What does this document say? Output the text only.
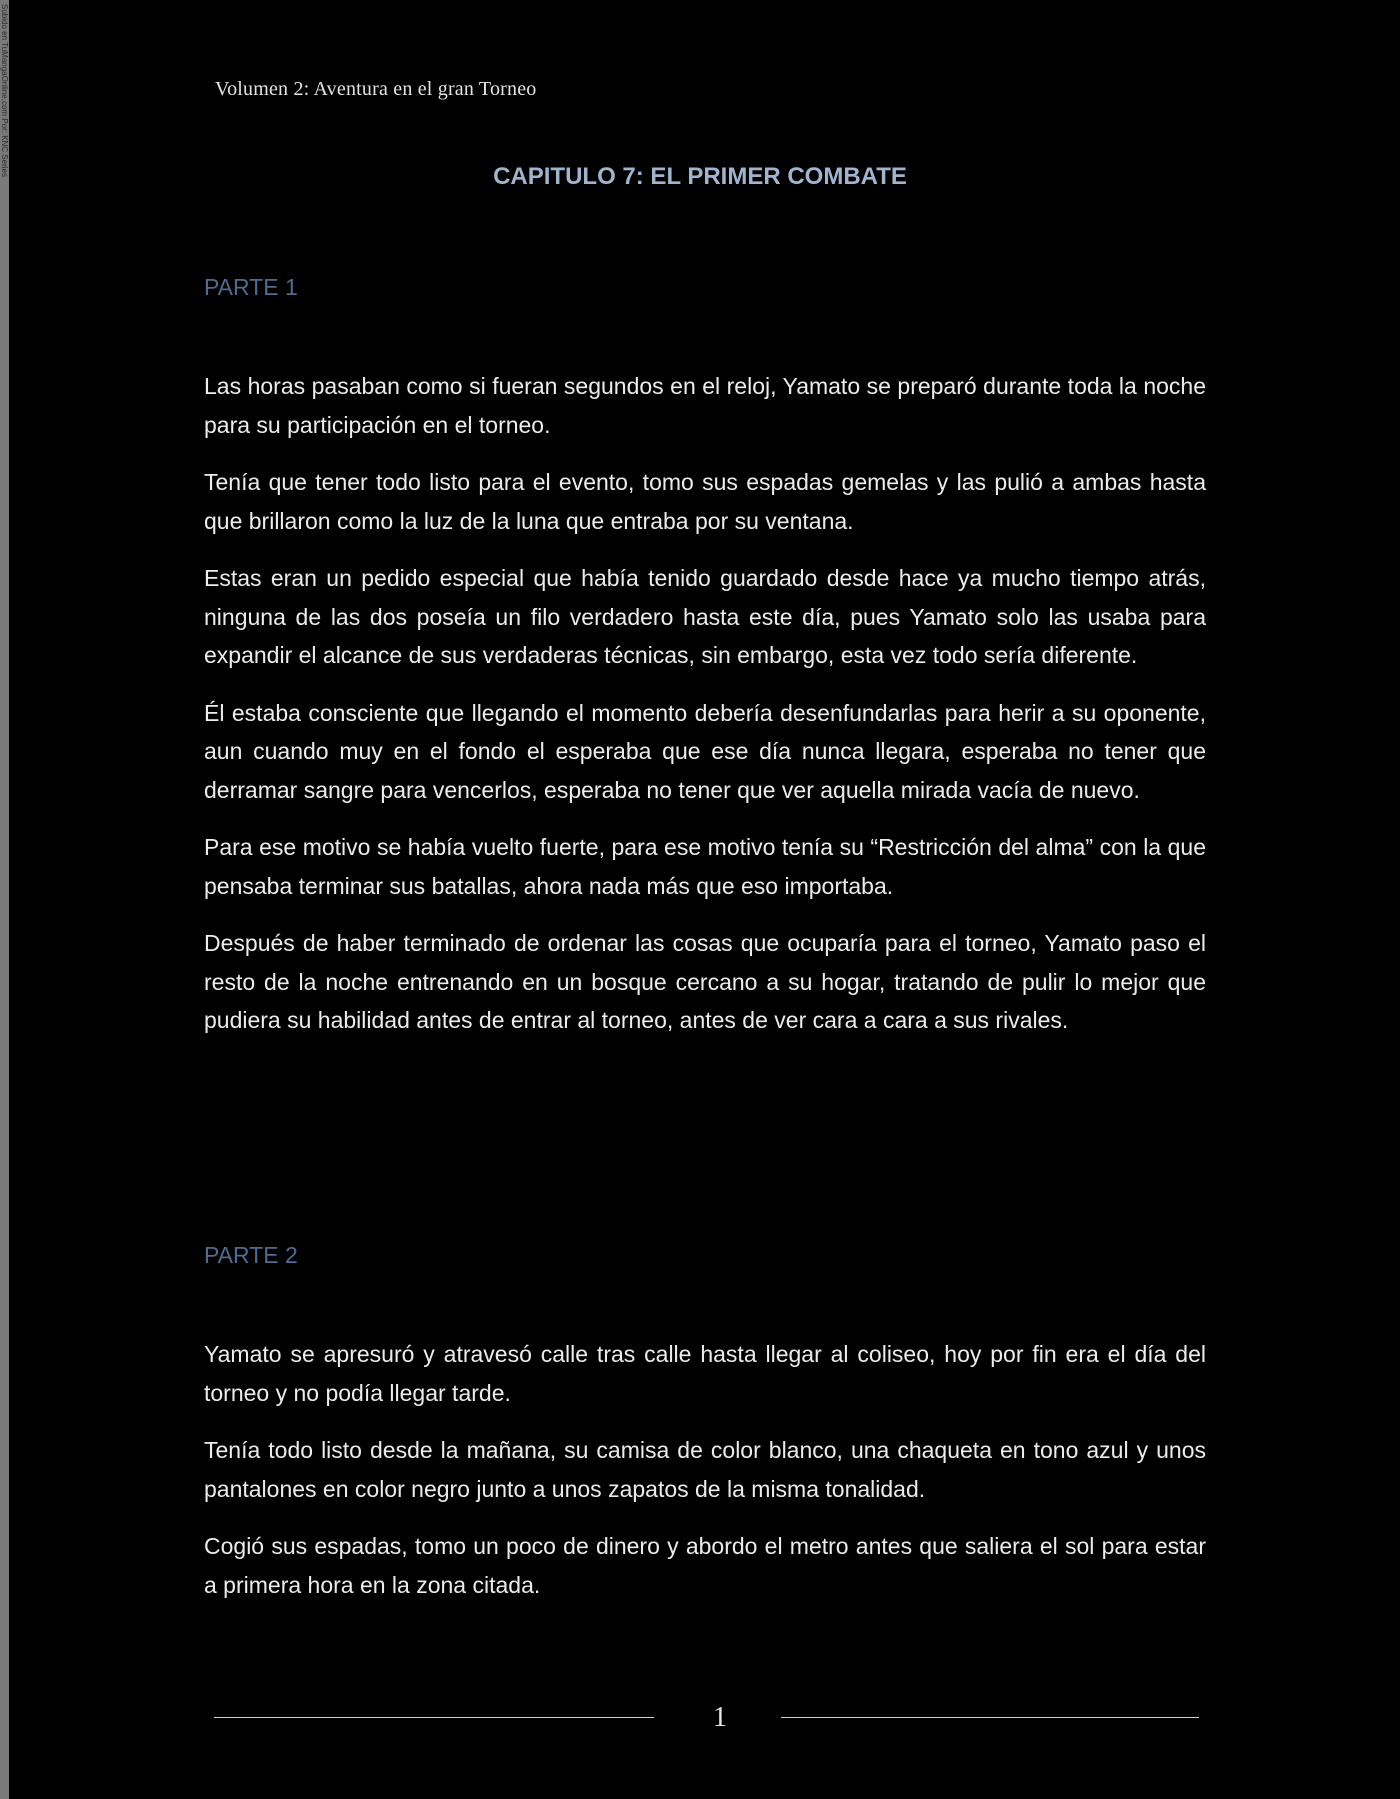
Subido en TuMangaOnline.com Por: KNC Series	Volumen 2: Aventura en el gran Torneo
CAPITULO 7: EL PRIMER COMBATE
PARTE 1

Las horas pasaban como si fueran segundos en el reloj, Yamato se preparó durante toda la noche para su participación en el torneo.

Tenía que tener todo listo para el evento, tomo sus espadas gemelas y las pulió a ambas hasta que brillaron como la luz de la luna que entraba por su ventana.

Estas eran un pedido especial que había tenido guardado desde hace ya mucho tiempo atrás, ninguna de las dos poseía un filo verdadero hasta este día, pues Yamato solo las usaba para expandir el alcance de sus verdaderas técnicas, sin embargo, esta vez todo sería diferente.

Él estaba consciente que llegando el momento debería desenfundarlas para herir a su oponente, aun cuando muy en el fondo el esperaba que ese día nunca llegara, esperaba no tener que derramar sangre para vencerlos, esperaba no tener que ver aquella mirada vacía de nuevo.

Para ese motivo se había vuelto fuerte, para ese motivo tenía su “Restricción del alma” con la que pensaba terminar sus batallas, ahora nada más que eso importaba.

Después de haber terminado de ordenar las cosas que ocuparía para el torneo, Yamato paso el resto de la noche entrenando en un bosque cercano a su hogar, tratando de pulir lo mejor que pudiera su habilidad antes de entrar al torneo, antes de ver cara a cara a sus rivales.

PARTE 2

Yamato se apresuró y atravesó calle tras calle hasta llegar al coliseo, hoy por fin era el día del torneo y no podía llegar tarde.

Tenía todo listo desde la mañana, su camisa de color blanco, una chaqueta en tono azul y unos pantalones en color negro junto a unos zapatos de la misma tonalidad.

Cogió sus espadas, tomo un poco de dinero y abordo el metro antes que saliera el sol para estar a primera hora en la zona citada.

1
